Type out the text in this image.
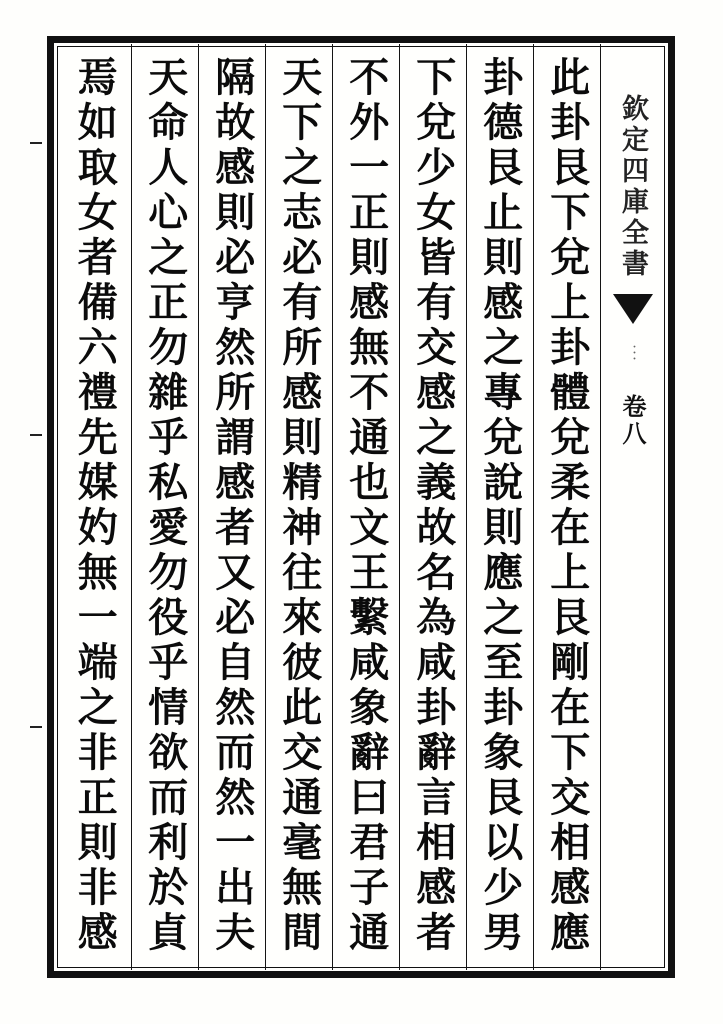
欽定四庫全書
︙
卷八
此卦艮下兌上卦體兌柔在上艮剛在下交相感應
卦德艮止則感之專兌說則應之至卦象艮以少男
下兌少女皆有交感之義故名為咸卦辭言相感者
不外一正則感無不通也文王繫咸象辭曰君子通
天下之志必有所感則精神往來彼此交通毫無間
隔故感則必亨然所謂感者又必自然而然一出夫
天命人心之正勿雜乎私愛勿役乎情欲而利於貞
焉如取女者備六禮先媒妁無一端之非正則非感
